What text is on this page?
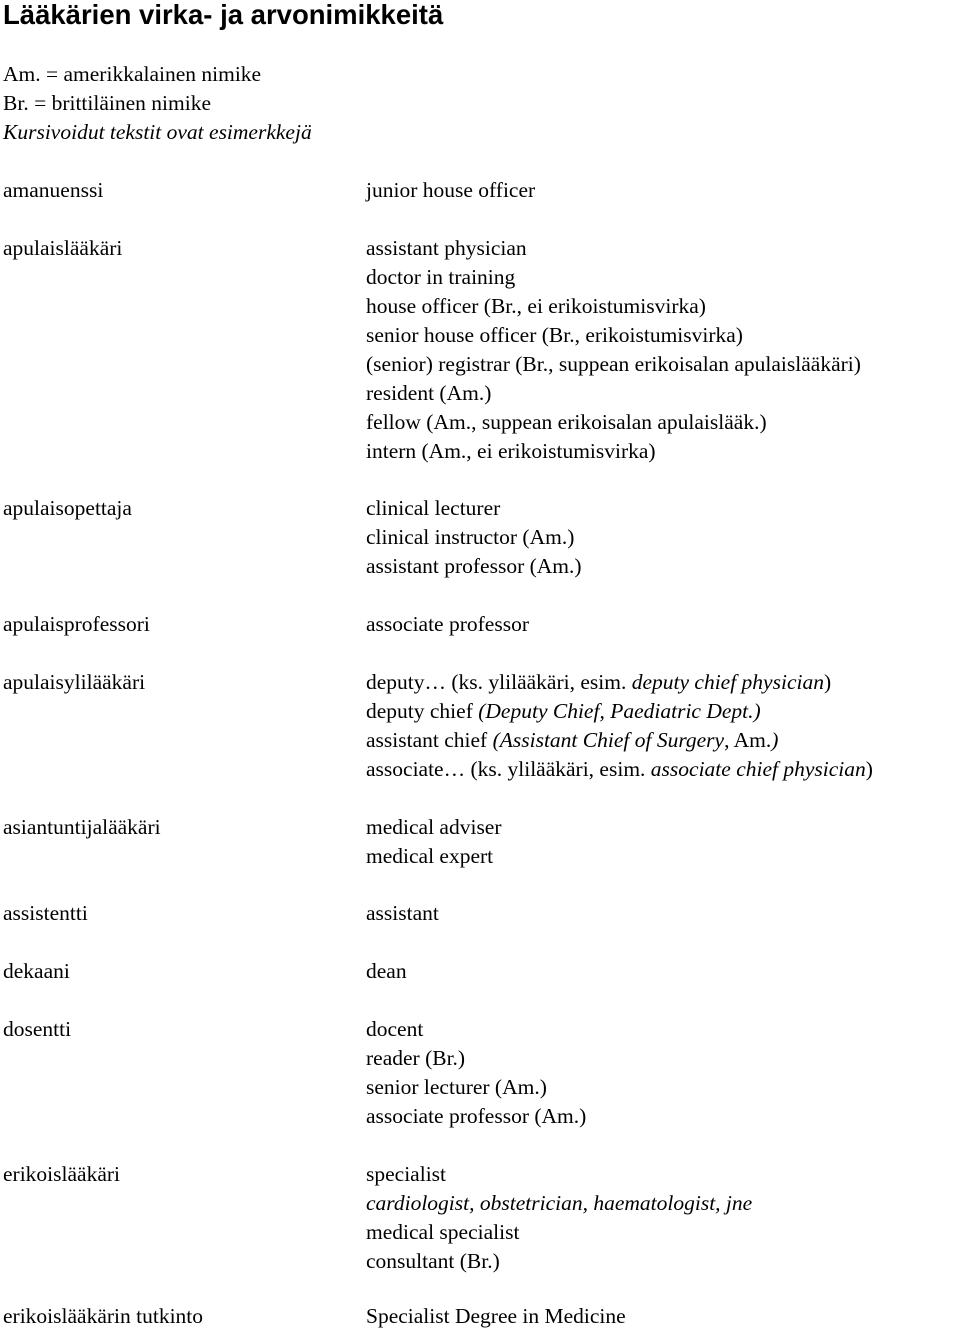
Lääkärien virka- ja arvonimikkeitä
Am. = amerikkalainen nimike
Br. = brittiläinen nimike
Kursivoidut tekstit ovat esimerkkejä
amanuenssi	junior house officer
apulaislääkäri	assistant physician
doctor in training
house officer (Br., ei erikoistumisvirka)
senior house officer (Br., erikoistumisvirka)
(senior) registrar (Br., suppean erikoisalan apulaislääkäri)
resident (Am.)
fellow (Am., suppean erikoisalan apulaislääk.)
intern (Am., ei erikoistumisvirka)
apulaisopettaja	clinical lecturer
clinical instructor (Am.)
assistant professor (Am.)
apulaisprofessori	associate professor
apulaisylilääkäri	deputy… (ks. ylilääkäri, esim. deputy chief physician)
deputy chief (Deputy Chief, Paediatric Dept.)
assistant chief (Assistant Chief of Surgery, Am.)
associate… (ks. ylilääkäri, esim. associate chief physician)
asiantuntijalääkäri	medical adviser
medical expert
assistentti	assistant
dekaani	dean
dosentti	docent
reader (Br.)
senior lecturer (Am.)
associate professor (Am.)
erikoislääkäri	specialist
cardiologist, obstetrician, haematologist, jne
medical specialist
consultant (Br.)
erikoislääkärin tutkinto	Specialist Degree in Medicine
